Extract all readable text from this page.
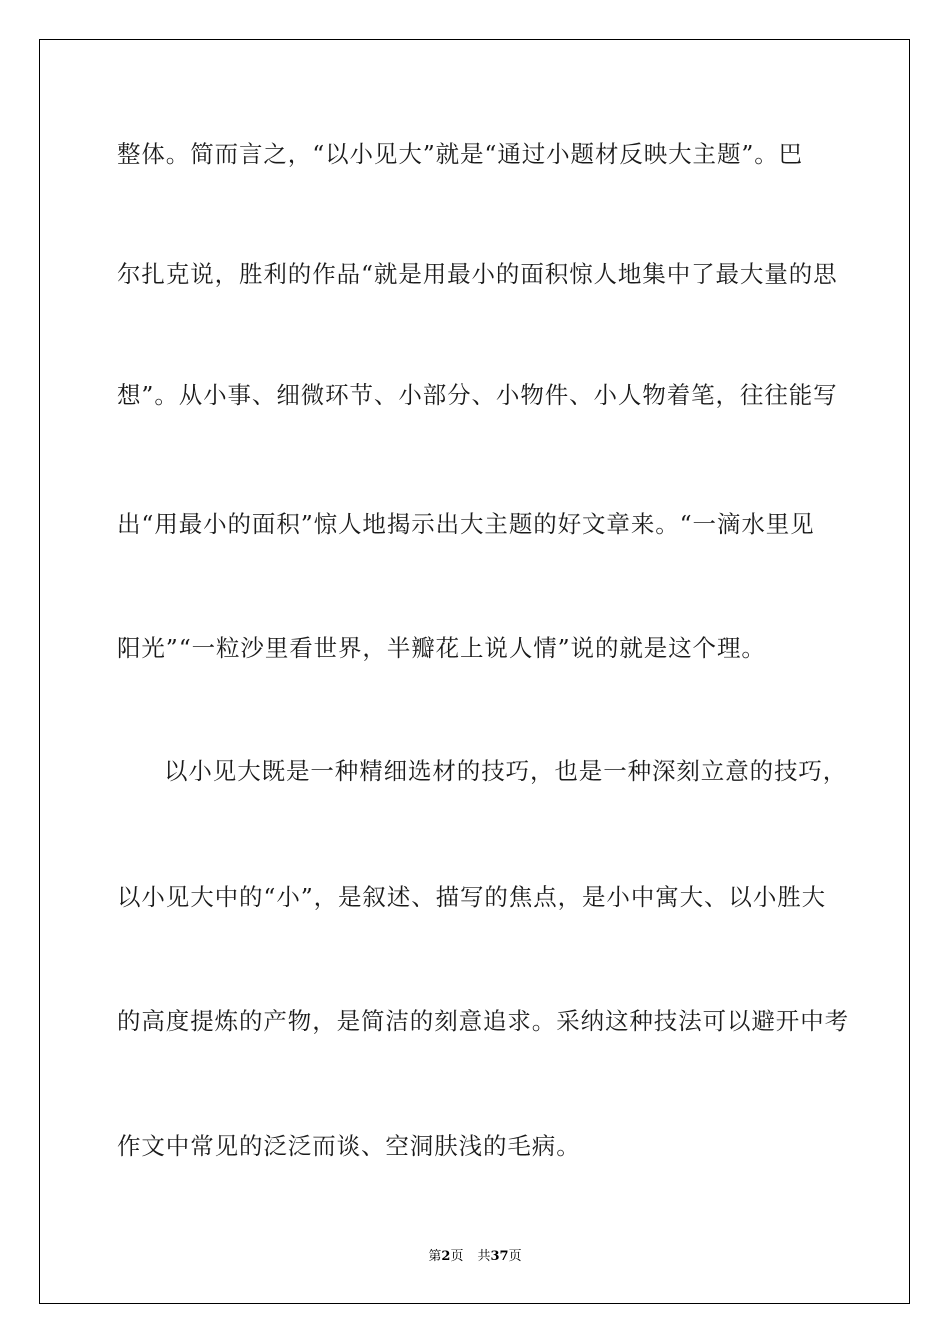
整体。简而言之，“以小见大”就是“通过小题材反映大主题”。巴
尔扎克说，胜利的作品“就是用最小的面积惊人地集中了最大量的思
想”。从小事、细微环节、小部分、小物件、小人物着笔，往往能写
出“用最小的面积”惊人地揭示出大主题的好文章来。“一滴水里见
阳光”“一粒沙里看世界，半瓣花上说人情”说的就是这个理。
以小见大既是一种精细选材的技巧，也是一种深刻立意的技巧，
以小见大中的“小”，是叙述、描写的焦点，是小中寓大、以小胜大
的高度提炼的产物，是简洁的刻意追求。采纳这种技法可以避开中考
作文中常见的泛泛而谈、空洞肤浅的毛病。
第2页 共37页
